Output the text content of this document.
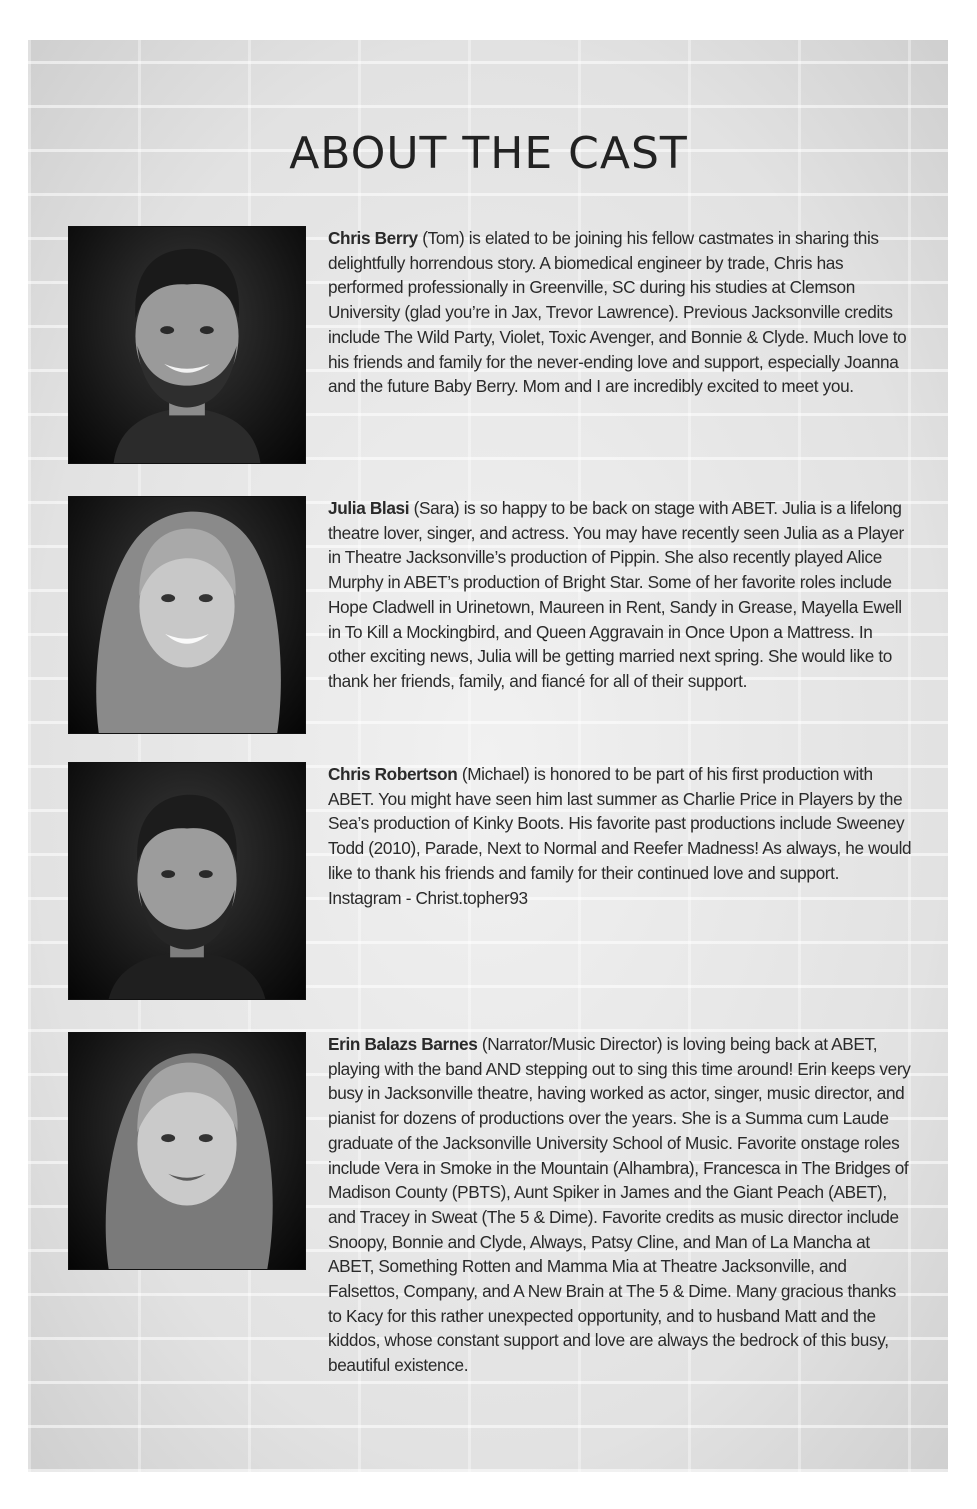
ABOUT THE CAST

Chris Berry (Tom) is elated to be joining his fellow castmates in sharing this delightfully horrendous story. A biomedical engineer by trade, Chris has performed professionally in Greenville, SC during his studies at Clemson University (glad you’re in Jax, Trevor Lawrence). Previous Jacksonville credits include The Wild Party, Violet, Toxic Avenger, and Bonnie & Clyde. Much love to his friends and family for the never-ending love and support, especially Joanna and the future Baby Berry. Mom and I are incredibly excited to meet you.

Julia Blasi (Sara) is so happy to be back on stage with ABET. Julia is a lifelong theatre lover, singer, and actress. You may have recently seen Julia as a Player in Theatre Jacksonville’s production of Pippin. She also recently played Alice Murphy in ABET’s production of Bright Star. Some of her favorite roles include Hope Cladwell in Urinetown, Maureen in Rent, Sandy in Grease, Mayella Ewell in To Kill a Mockingbird, and Queen Aggravain in Once Upon a Mattress. In other exciting news, Julia will be getting married next spring. She would like to thank her friends, family, and fiancé for all of their support.

Chris Robertson (Michael) is honored to be part of his first production with ABET. You might have seen him last summer as Charlie Price in Players by the Sea’s production of Kinky Boots. His favorite past productions include Sweeney Todd (2010), Parade, Next to Normal and Reefer Madness! As always, he would like to thank his friends and family for their continued love and support. Instagram - Christ.topher93

Erin Balazs Barnes (Narrator/Music Director) is loving being back at ABET, playing with the band AND stepping out to sing this time around! Erin keeps very busy in Jacksonville theatre, having worked as actor, singer, music director, and pianist for dozens of productions over the years. She is a Summa cum Laude graduate of the Jacksonville University School of Music. Favorite onstage roles include Vera in Smoke in the Mountain (Alhambra), Francesca in The Bridges of Madison County (PBTS), Aunt Spiker in James and the Giant Peach (ABET), and Tracey in Sweat (The 5 & Dime). Favorite credits as music director include Snoopy, Bonnie and Clyde, Always, Patsy Cline, and Man of La Mancha at ABET, Something Rotten and Mamma Mia at Theatre Jacksonville, and Falsettos, Company, and A New Brain at The 5 & Dime. Many gracious thanks to Kacy for this rather unexpected opportunity, and to husband Matt and the kiddos, whose constant support and love are always the bedrock of this busy, beautiful existence.
